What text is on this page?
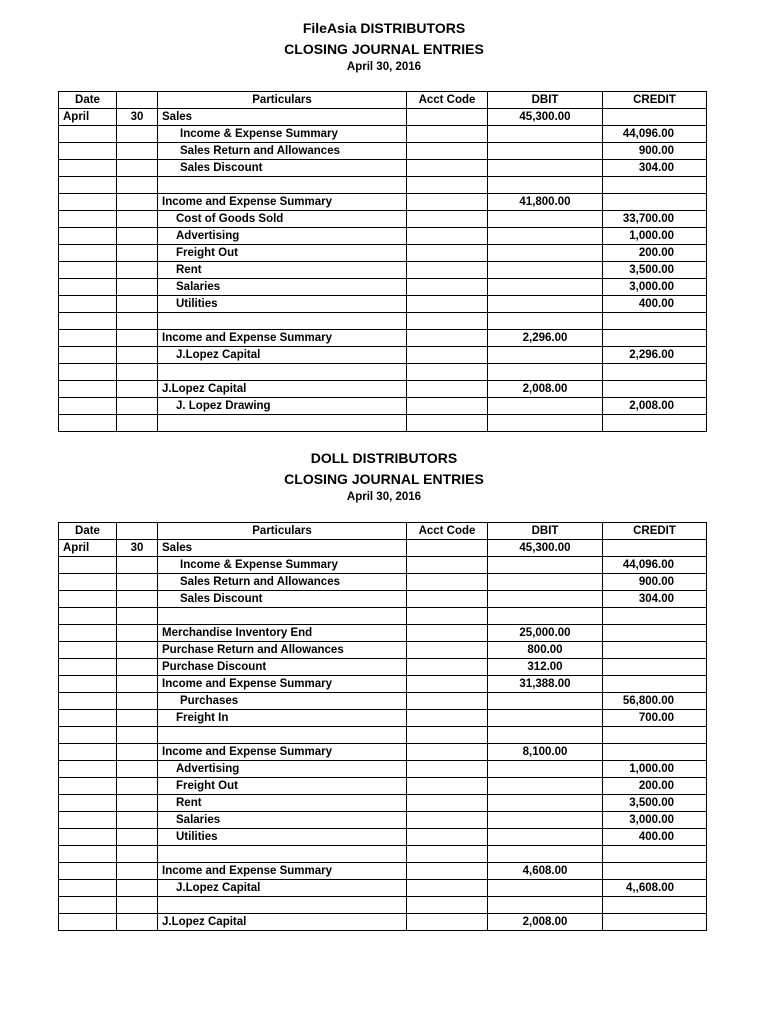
FileAsia DISTRIBUTORS
CLOSING JOURNAL ENTRIES
April 30, 2016
Date		Particulars	Acct Code	DBIT	CREDIT
April	30	Sales		45,300.00	
		Income & Expense Summary			44,096.00
		Sales Return and Allowances			900.00
		Sales Discount			304.00

		Income and Expense Summary		41,800.00	
		Cost of Goods Sold			33,700.00
		Advertising			1,000.00
		Freight Out			200.00
		Rent			3,500.00
		Salaries			3,000.00
		Utilities			400.00

		Income and Expense Summary		2,296.00	
		J.Lopez Capital			2,296.00

		J.Lopez Capital		2,008.00	
		J. Lopez Drawing			2,008.00

DOLL DISTRIBUTORS
CLOSING JOURNAL ENTRIES
April 30, 2016
Date		Particulars	Acct Code	DBIT	CREDIT
April	30	Sales		45,300.00	
		Income & Expense Summary			44,096.00
		Sales Return and Allowances			900.00
		Sales Discount			304.00

		Merchandise Inventory End		25,000.00	
		Purchase Return and Allowances		800.00	
		Purchase Discount		312.00	
		Income and Expense Summary		31,388.00	
		Purchases			56,800.00
		Freight In			700.00

		Income and Expense Summary		8,100.00	
		Advertising			1,000.00
		Freight Out			200.00
		Rent			3,500.00
		Salaries			3,000.00
		Utilities			400.00

		Income and Expense Summary		4,608.00	
		J.Lopez Capital			4,,608.00

		J.Lopez Capital		2,008.00	
